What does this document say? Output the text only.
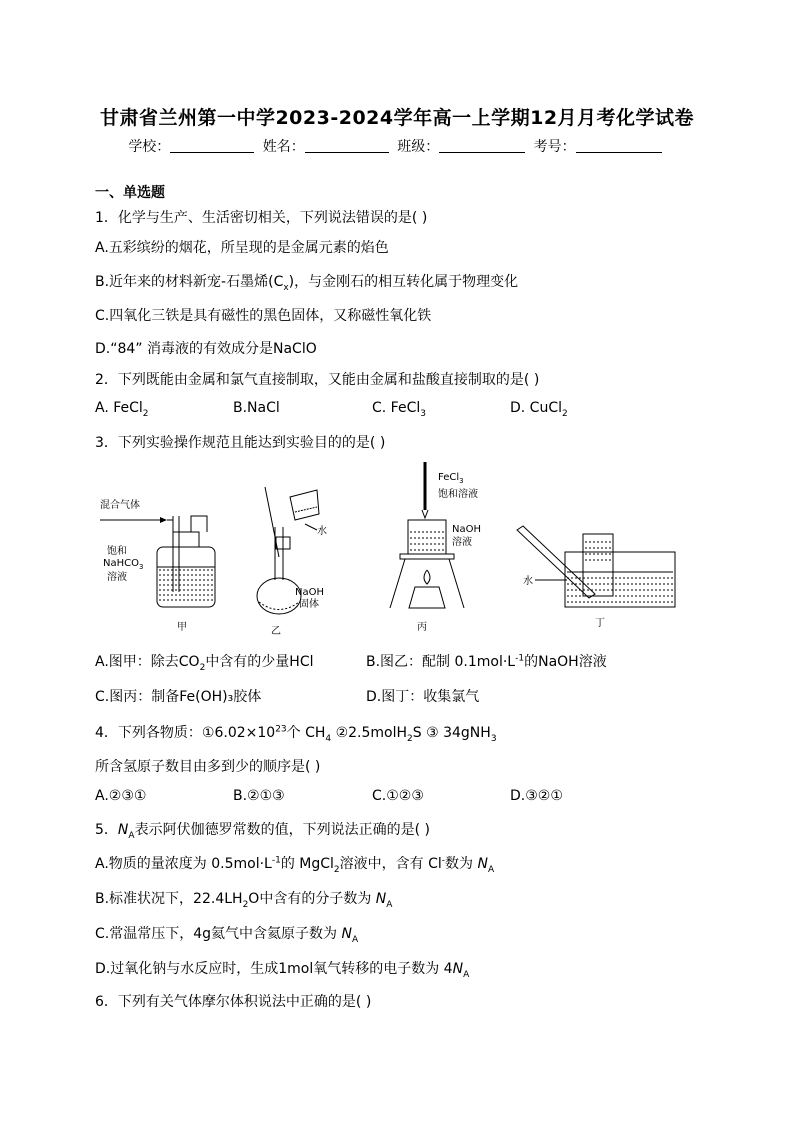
甘肃省兰州第一中学2023-2024学年高一上学期12月月考化学试卷
学校：	姓名：	班级：	考号：
一、单选题
1．化学与生产、生活密切相关，下列说法错误的是( )
A.五彩缤纷的烟花，所呈现的是金属元素的焰色
B.近年来的材料新宠-石墨烯$(C_x)$，与金刚石的相互转化属于物理变化
C.四氧化三铁是具有磁性的黑色固体，又称磁性氧化铁
D.“84” 消毒液的有效成分是NaClO
2．下列既能由金属和氯气直接制取，又能由金属和盐酸直接制取的是( )
A. FeCl$_2$	B.NaCl	C. FeCl$_3$	D. CuCl$_2$
3．下列实验操作规范且能达到实验目的的是( )
混合气体
饱和
NaHCO$_3$
溶液
甲
水
NaOH
固体
乙
FeCl$_3$
饱和溶液
NaOH
溶液
丙
水
丁
A.图甲：除去$CO_2$中含有的少量HCl	B.图乙：配制 $0.1mol\cdot L^{-1}$的NaOH溶液
C.图丙：制备Fe(OH)₃胶体	D.图丁：收集氯气
4．下列各物质：$①6.02\times 10^{23}$个 $CH_4$ ②2.5molH$_2$S ③ 34gNH$_3$
所含氢原子数目由多到少的顺序是( )
A.②③①	B.②①③	C.①②③	D.③②①
5．$N_A$表示阿伏伽德罗常数的值，下列说法正确的是( )
A.物质的量浓度为 $0.5mol\cdot L^{-1}$的 MgCl$_2$溶液中，含有 Cl-数为 $N_A$
B.标准状况下，$22.4LH_2O$中含有的分子数为 $N_A$
C.常温常压下，4g氦气中含氦原子数为 $N_A$
D.过氧化钠与水反应时，生成1mol氧气转移的电子数为 $4N_A$
6．下列有关气体摩尔体积说法中正确的是( )
